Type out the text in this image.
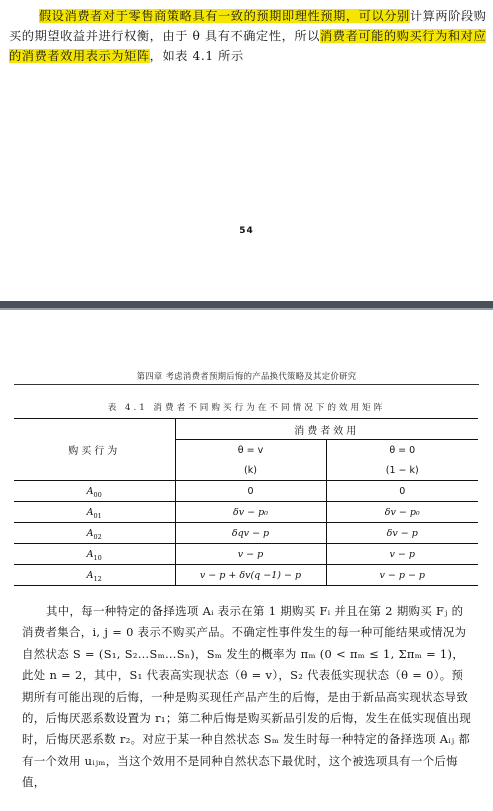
假设消费者对于零售商策略具有一致的预期即理性预期，可以分别计算两阶段购买的期望收益并进行权衡，由于 θ 具有不确定性，所以消费者可能的购买行为和对应的消费者效用表示为矩阵，如表 4.1 所示
54
第四章 考虑消费者预期后悔的产品换代策略及其定价研究
表 4.1 消费者不同购买行为在不同情况下的效用矩阵
购买行为	消费者效用	
	θ = v	θ = 0
	(k)	(1 − k)
$A_{00}$	0	0
$A_{01}$	δv − p₀	δv − p₀
$A_{02}$	δqv − p	δv − p
$A_{10}$	v − p	v − p
$A_{12}$	v − p + δv(q −1) − p	v − p − p
其中，每一种特定的备择选项 Aᵢ 表示在第 1 期购买 Fᵢ 并且在第 2 期购买 Fⱼ 的消费者集合，i, j = 0 表示不购买产品。不确定性事件发生的每一种可能结果或情况为自然状态 S = (S₁, S₂…Sₘ…Sₙ)，Sₘ 发生的概率为 πₘ (0 < πₘ ≤ 1, Σπₘ = 1)，此处 n = 2，其中，S₁ 代表高实现状态（θ = v），S₂ 代表低实现状态（θ = 0）。预期所有可能出现的后悔，一种是购买现任产品产生的后悔，是由于新品高实现状态导致的，后悔厌恶系数设置为 r₁；第二种后悔是购买新品引发的后悔，发生在低实现值出现时，后悔厌恶系数 r₂。对应于某一种自然状态 Sₘ 发生时每一种特定的备择选项 Aᵢⱼ 都有一个效用 uᵢⱼₘ，当这个效用不是同种自然状态下最优时，这个被选项具有一个后悔值，
